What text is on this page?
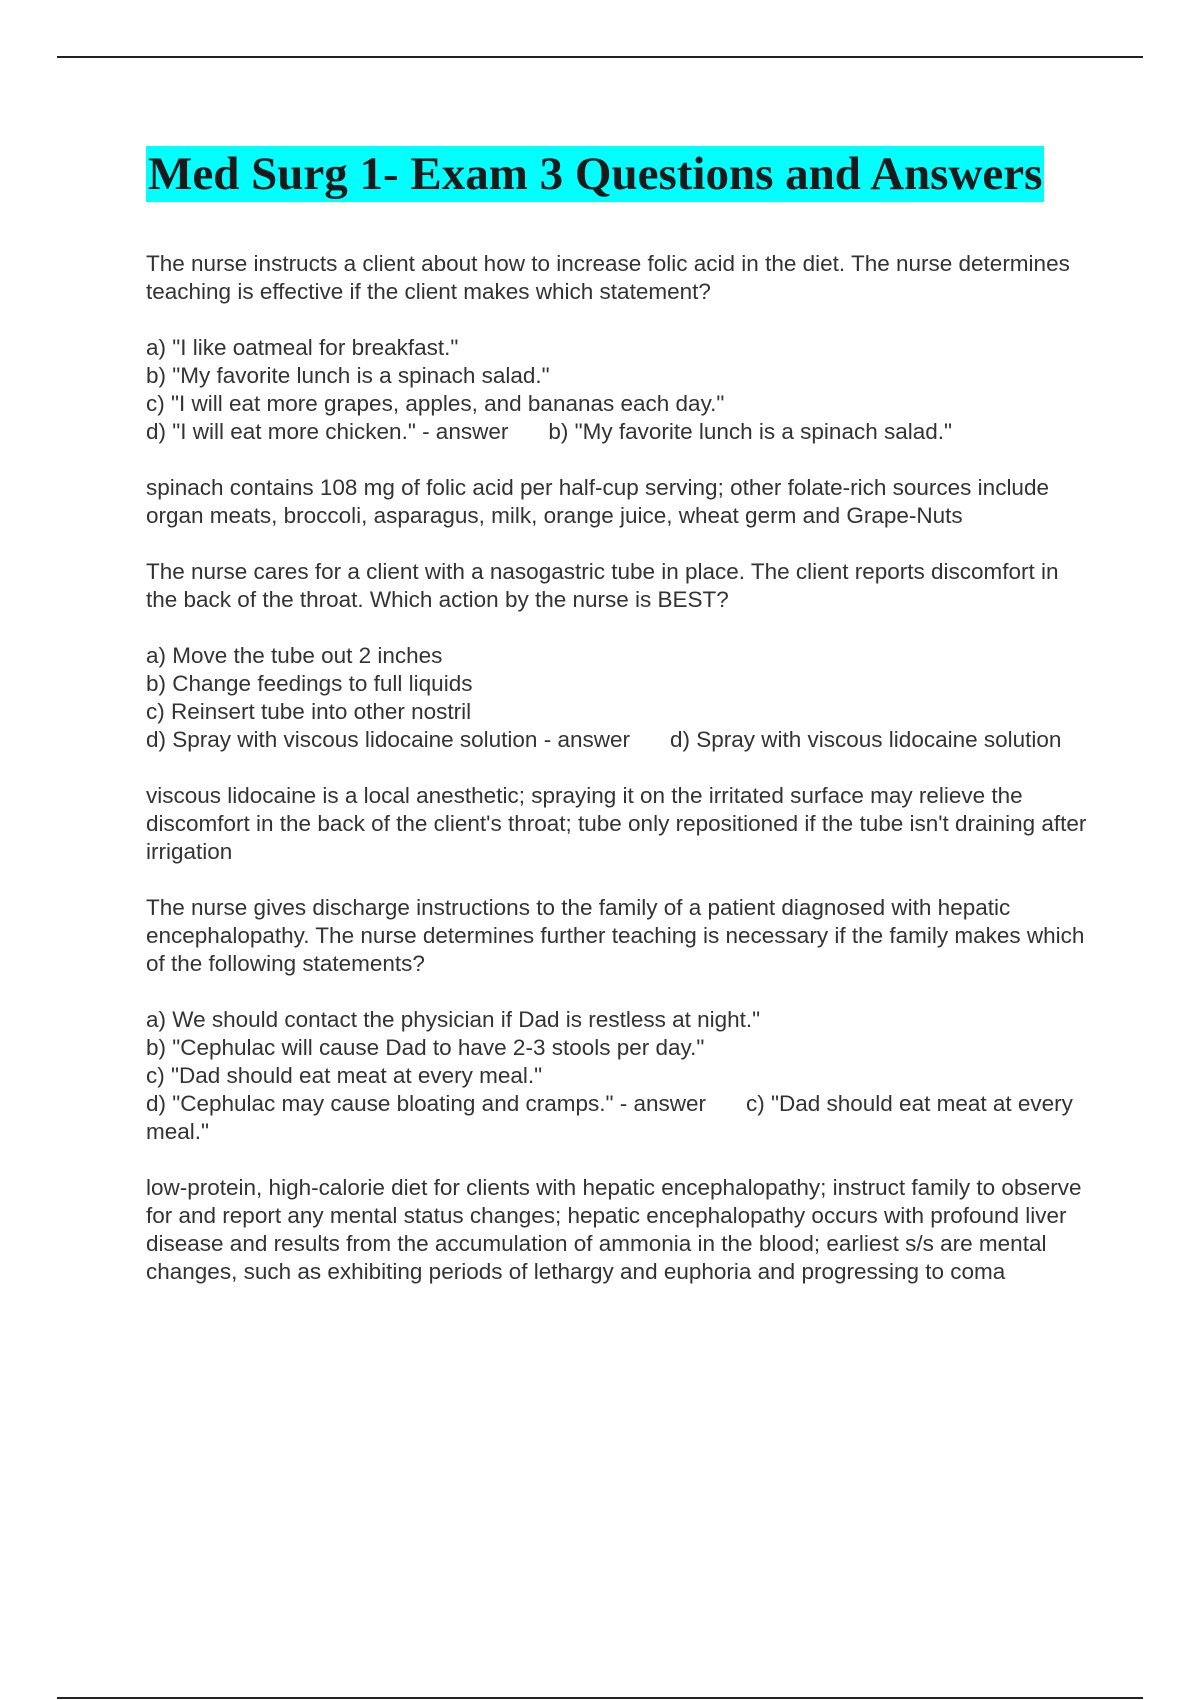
Med Surg 1- Exam 3 Questions and Answers
The nurse instructs a client about how to increase folic acid in the diet. The nurse determines teaching is effective if the client makes which statement?

a) "I like oatmeal for breakfast."

b) "My favorite lunch is a spinach salad."

c) "I will eat more grapes, apples, and bananas each day."

d) "I will eat more chicken." - answer b) "My favorite lunch is a spinach salad."

spinach contains 108 mg of folic acid per half-cup serving; other folate-rich sources include organ meats, broccoli, asparagus, milk, orange juice, wheat germ and Grape-Nuts
The nurse cares for a client with a nasogastric tube in place. The client reports discomfort in the back of the throat. Which action by the nurse is BEST?

a) Move the tube out 2 inches

b) Change feedings to full liquids

c) Reinsert tube into other nostril

d) Spray with viscous lidocaine solution - answer d) Spray with viscous lidocaine solution

viscous lidocaine is a local anesthetic; spraying it on the irritated surface may relieve the discomfort in the back of the client's throat; tube only repositioned if the tube isn't draining after irrigation
The nurse gives discharge instructions to the family of a patient diagnosed with hepatic encephalopathy. The nurse determines further teaching is necessary if the family makes which of the following statements?

a) We should contact the physician if Dad is restless at night."

b) "Cephulac will cause Dad to have 2-3 stools per day."

c) "Dad should eat meat at every meal."

d) "Cephulac may cause bloating and cramps." - answer c) "Dad should eat meat at every meal."

low-protein, high-calorie diet for clients with hepatic encephalopathy; instruct family to observe for and report any mental status changes; hepatic encephalopathy occurs with profound liver disease and results from the accumulation of ammonia in the blood; earliest s/s are mental changes, such as exhibiting periods of lethargy and euphoria and progressing to coma
